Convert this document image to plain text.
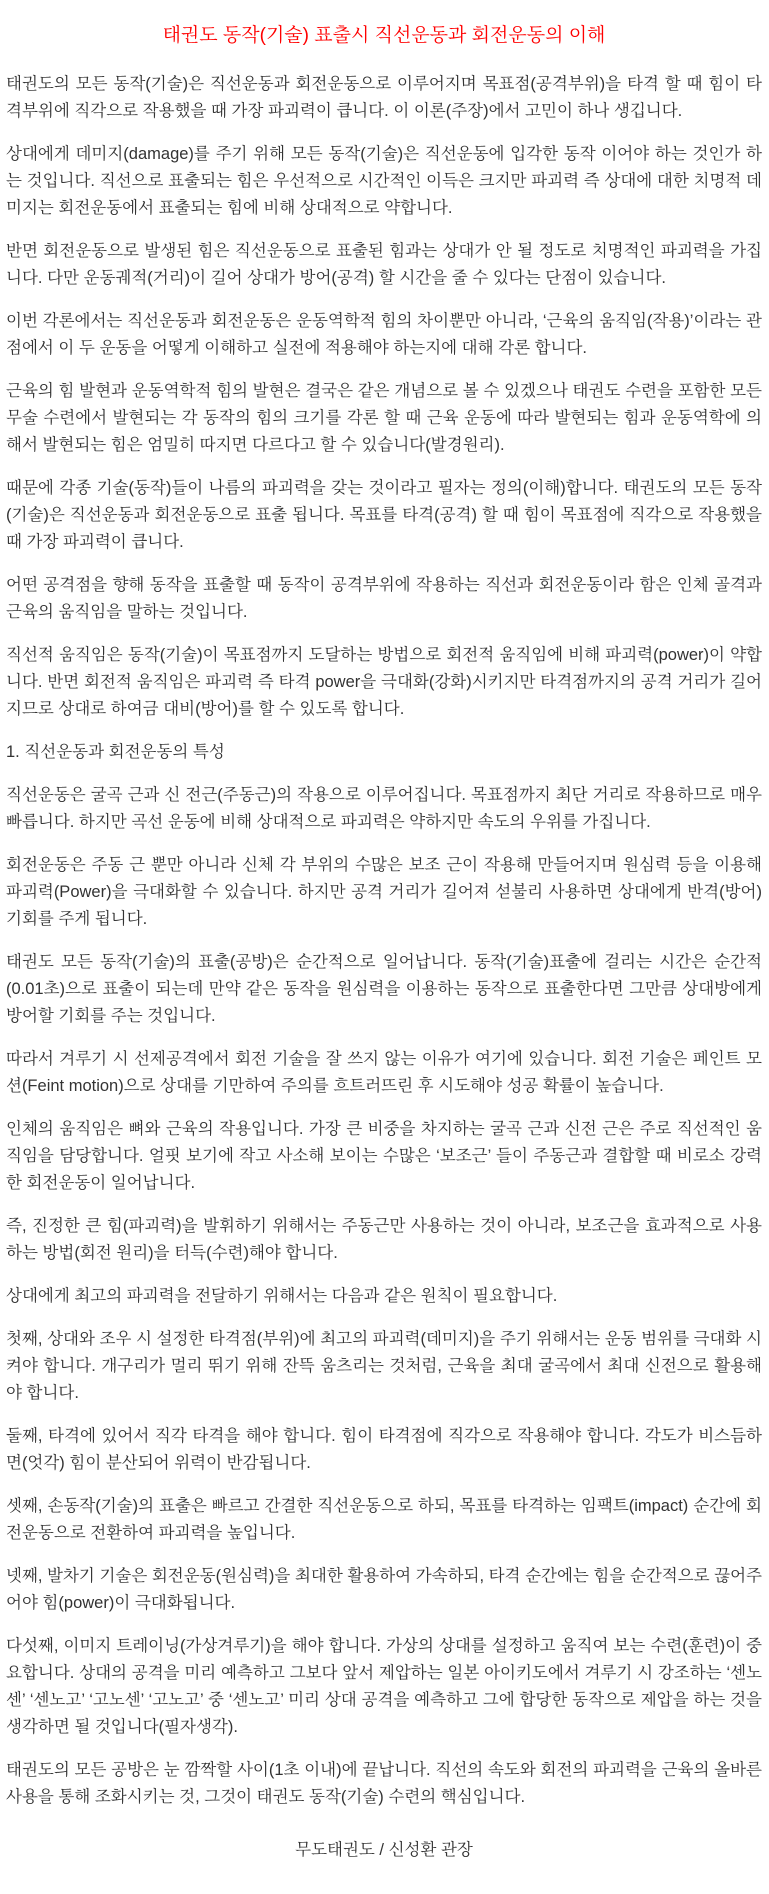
태권도 동작(기술) 표출시 직선운동과 회전운동의 이해

태권도의 모든 동작(기술)은 직선운동과 회전운동으로 이루어지며 목표점(공격부위)을 타격 할 때 힘이 타격부위에 직각으로 작용했을 때 가장 파괴력이 큽니다. 이 이론(주장)에서 고민이 하나 생깁니다.

상대에게 데미지(damage)를 주기 위해 모든 동작(기술)은 직선운동에 입각한 동작 이어야 하는 것인가 하는 것입니다. 직선으로 표출되는 힘은 우선적으로 시간적인 이득은 크지만 파괴력 즉 상대에 대한 치명적 데미지는 회전운동에서 표출되는 힘에 비해 상대적으로 약합니다.

반면 회전운동으로 발생된 힘은 직선운동으로 표출된 힘과는 상대가 안 될 정도로 치명적인 파괴력을 가집니다. 다만 운동궤적(거리)이 길어 상대가 방어(공격) 할 시간을 줄 수 있다는 단점이 있습니다.

이번 각론에서는 직선운동과 회전운동은 운동역학적 힘의 차이뿐만 아니라, ‘근육의 움직임(작용)’이라는 관점에서 이 두 운동을 어떻게 이해하고 실전에 적용해야 하는지에 대해 각론 합니다.

근육의 힘 발현과 운동역학적 힘의 발현은 결국은 같은 개념으로 볼 수 있겠으나 태권도 수련을 포함한 모든 무술 수련에서 발현되는 각 동작의 힘의 크기를 각론 할 때 근육 운동에 따라 발현되는 힘과 운동역학에 의해서 발현되는 힘은 엄밀히 따지면 다르다고 할 수 있습니다(발경원리).

때문에 각종 기술(동작)들이 나름의 파괴력을 갖는 것이라고 필자는 정의(이해)합니다. 태권도의 모든 동작(기술)은 직선운동과 회전운동으로 표출 됩니다. 목표를 타격(공격) 할 때 힘이 목표점에 직각으로 작용했을 때 가장 파괴력이 큽니다.

어떤 공격점을 향해 동작을 표출할 때 동작이 공격부위에 작용하는 직선과 회전운동이라 함은 인체 골격과 근육의 움직임을 말하는 것입니다.

직선적 움직임은 동작(기술)이 목표점까지 도달하는 방법으로 회전적 움직임에 비해 파괴력(power)이 약합니다. 반면 회전적 움직임은 파괴력 즉 타격 power을 극대화(강화)시키지만 타격점까지의 공격 거리가 길어지므로 상대로 하여금 대비(방어)를 할 수 있도록 합니다.

1. 직선운동과 회전운동의 특성

직선운동은 굴곡 근과 신 전근(주동근)의 작용으로 이루어집니다. 목표점까지 최단 거리로 작용하므로 매우 빠릅니다. 하지만 곡선 운동에 비해 상대적으로 파괴력은 약하지만 속도의 우위를 가집니다.

회전운동은 주동 근 뿐만 아니라 신체 각 부위의 수많은 보조 근이 작용해 만들어지며 원심력 등을 이용해 파괴력(Power)을 극대화할 수 있습니다. 하지만 공격 거리가 길어져 섣불리 사용하면 상대에게 반격(방어) 기회를 주게 됩니다.

태권도 모든 동작(기술)의 표출(공방)은 순간적으로 일어납니다. 동작(기술)표출에 걸리는 시간은 순간적(0.01초)으로 표출이 되는데 만약 같은 동작을 원심력을 이용하는 동작으로 표출한다면 그만큼 상대방에게 방어할 기회를 주는 것입니다.

따라서 겨루기 시 선제공격에서 회전 기술을 잘 쓰지 않는 이유가 여기에 있습니다. 회전 기술은 페인트 모션(Feint motion)으로 상대를 기만하여 주의를 흐트러뜨린 후 시도해야 성공 확률이 높습니다.

인체의 움직임은 뼈와 근육의 작용입니다. 가장 큰 비중을 차지하는 굴곡 근과 신전 근은 주로 직선적인 움직임을 담당합니다. 얼핏 보기에 작고 사소해 보이는 수많은 ‘보조근’ 들이 주동근과 결합할 때 비로소 강력한 회전운동이 일어납니다.

즉, 진정한 큰 힘(파괴력)을 발휘하기 위해서는 주동근만 사용하는 것이 아니라, 보조근을 효과적으로 사용하는 방법(회전 원리)을 터득(수련)해야 합니다.

상대에게 최고의 파괴력을 전달하기 위해서는 다음과 같은 원칙이 필요합니다.

첫째, 상대와 조우 시 설정한 타격점(부위)에 최고의 파괴력(데미지)을 주기 위해서는 운동 범위를 극대화 시켜야 합니다. 개구리가 멀리 뛰기 위해 잔뜩 움츠리는 것처럼, 근육을 최대 굴곡에서 최대 신전으로 활용해야 합니다.

둘째, 타격에 있어서 직각 타격을 해야 합니다. 힘이 타격점에 직각으로 작용해야 합니다. 각도가 비스듬하면(엇각) 힘이 분산되어 위력이 반감됩니다.

셋째, 손동작(기술)의 표출은 빠르고 간결한 직선운동으로 하되, 목표를 타격하는 임팩트(impact) 순간에 회전운동으로 전환하여 파괴력을 높입니다.

넷째, 발차기 기술은 회전운동(원심력)을 최대한 활용하여 가속하되, 타격 순간에는 힘을 순간적으로 끊어주어야 힘(power)이 극대화됩니다.

다섯째, 이미지 트레이닝(가상겨루기)을 해야 합니다. 가상의 상대를 설정하고 움직여 보는 수련(훈련)이 중요합니다. 상대의 공격을 미리 예측하고 그보다 앞서 제압하는 일본 아이키도에서 겨루기 시 강조하는 ‘센노센’ ‘센노고’ ‘고노센’ ‘고노고’ 중 ‘센노고’ 미리 상대 공격을 예측하고 그에 합당한 동작으로 제압을 하는 것을 생각하면 될 것입니다(필자생각).

태권도의 모든 공방은 눈 깜짝할 사이(1초 이내)에 끝납니다. 직선의 속도와 회전의 파괴력을 근육의 올바른 사용을 통해 조화시키는 것, 그것이 태권도 동작(기술) 수련의 핵심입니다.

무도태권도 / 신성환 관장
